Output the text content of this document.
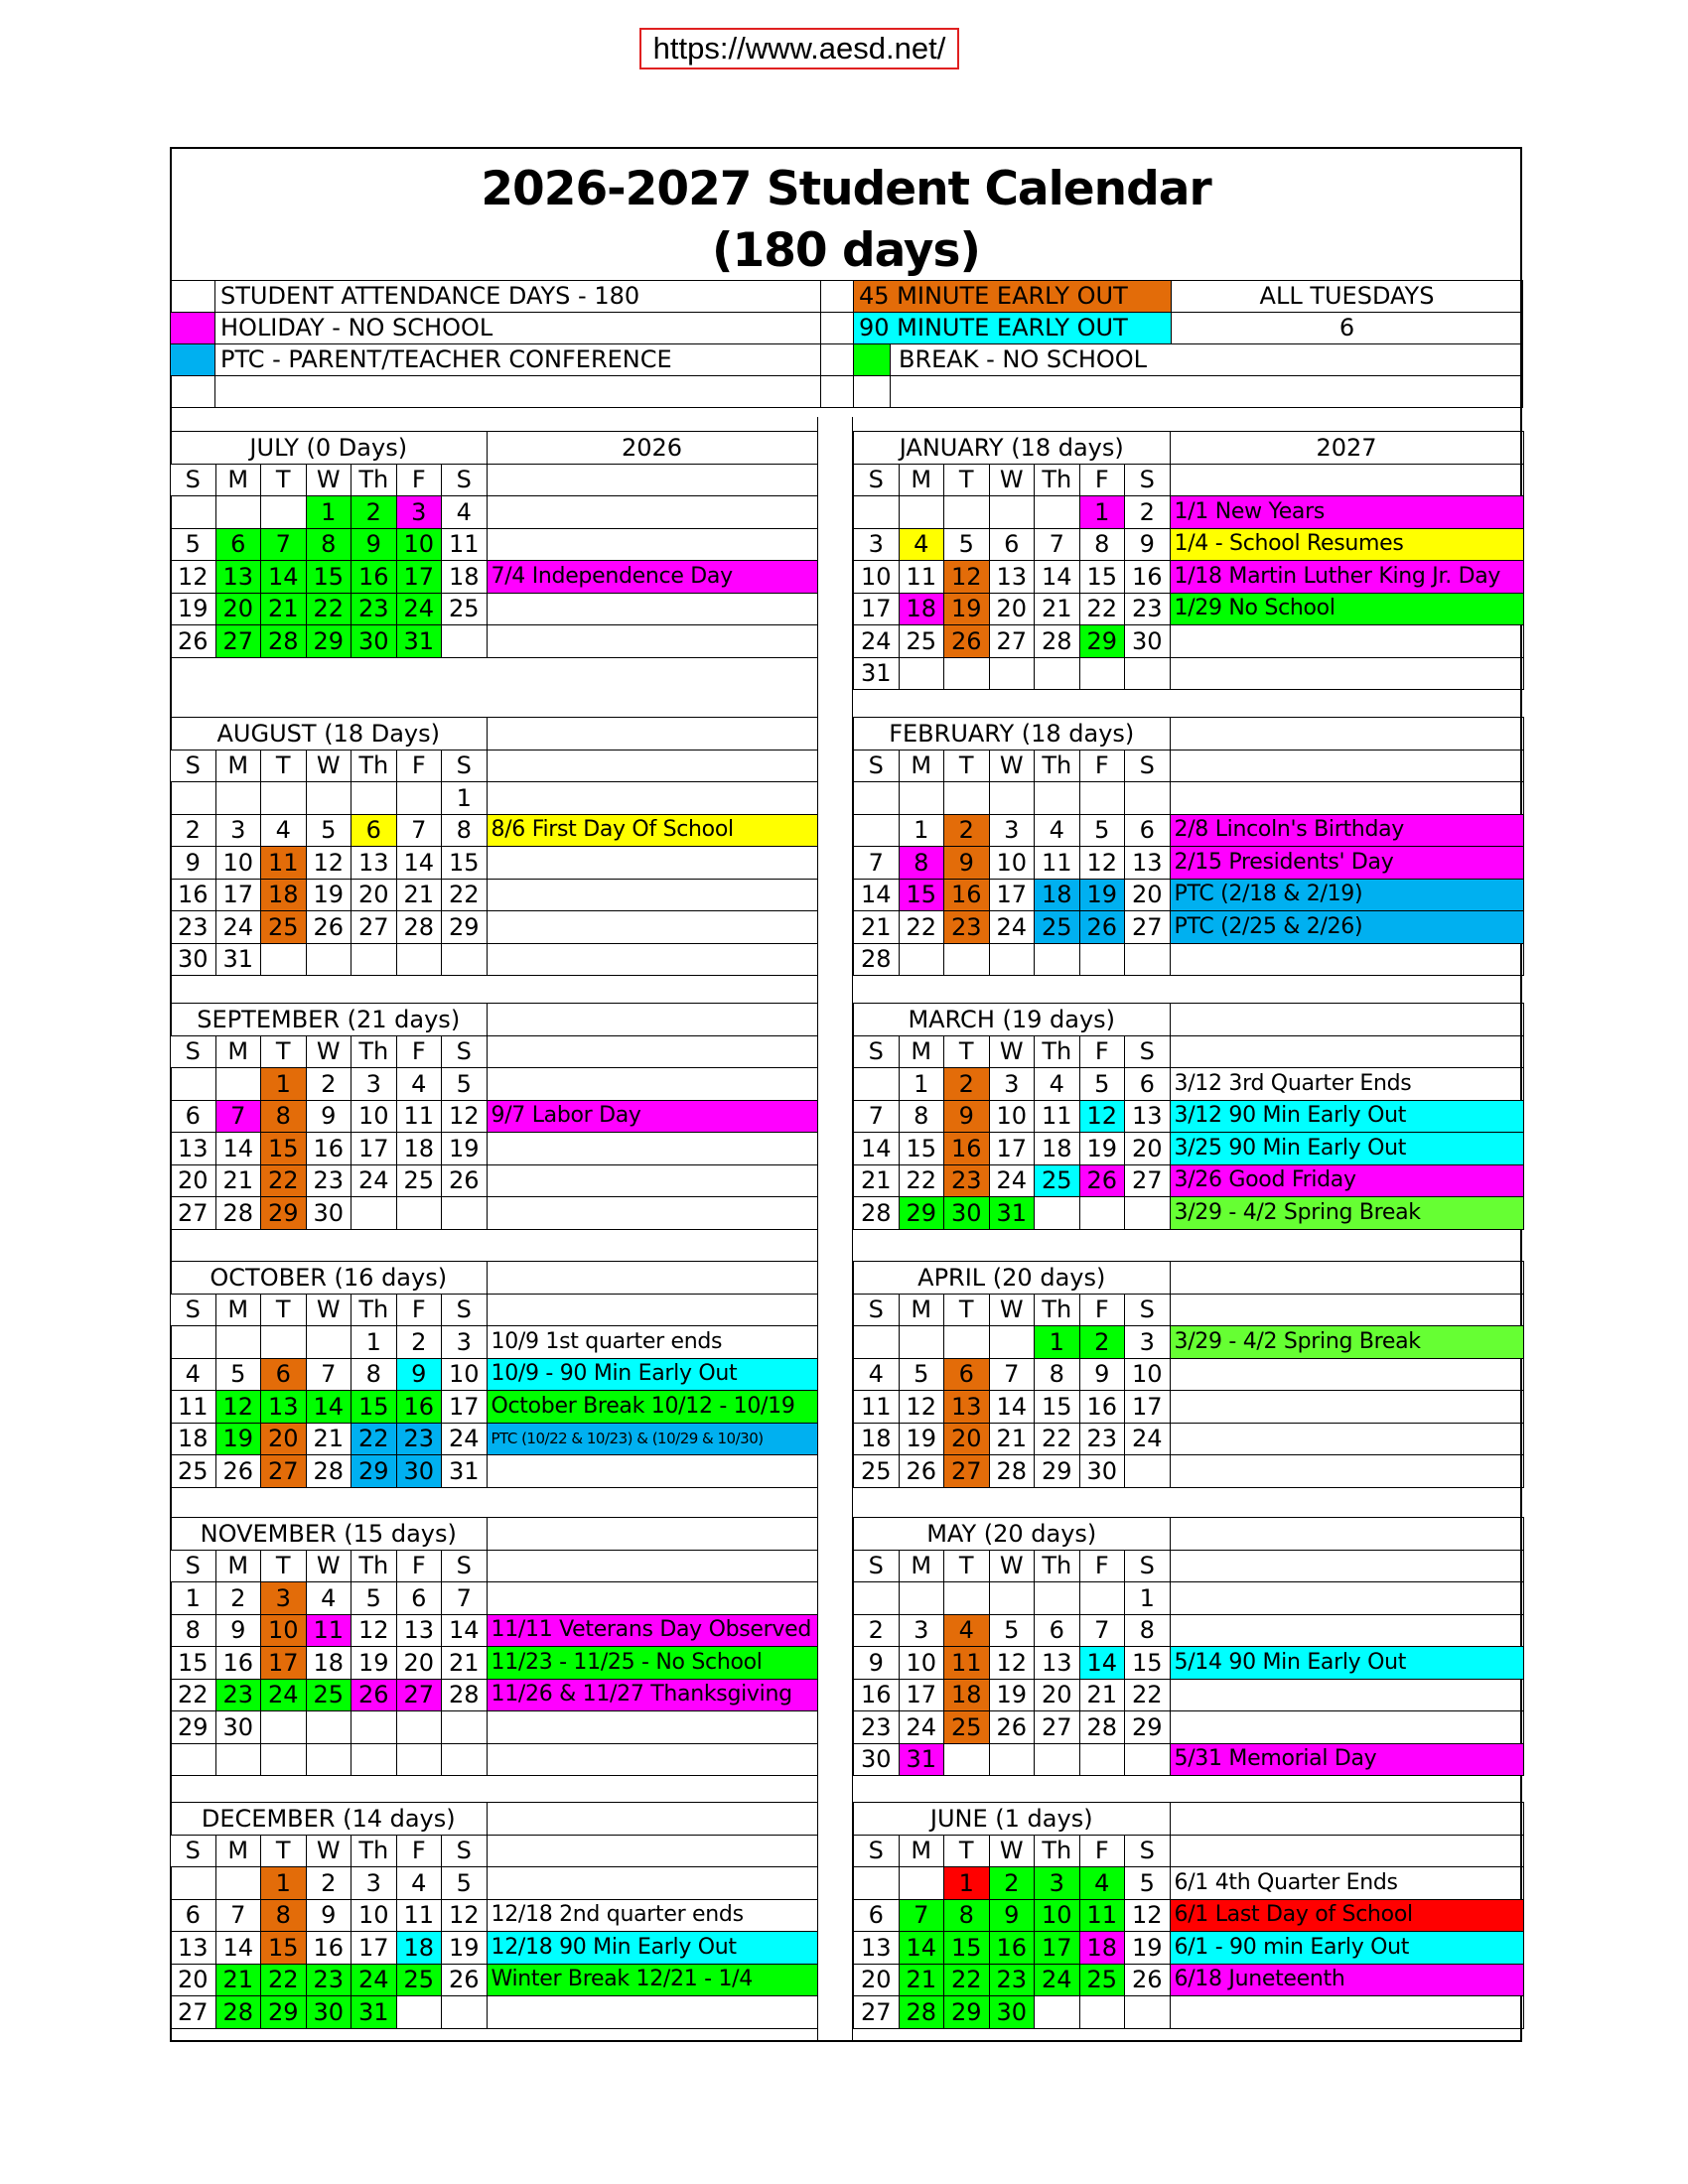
https://www.aesd.net/
2026-2027 Student Calendar
(180 days)
	STUDENT ATTENDANCE DAYS - 180		45 MINUTE EARLY OUT	ALL TUESDAYS
	HOLIDAY - NO SCHOOL		90 MINUTE EARLY OUT	6
	PTC - PARENT/TEACHER CONFERENCE		BREAK - NO SCHOOL	

JULY (0 Days)							2026
S	M	T	W	Th	F	S	
			1	2	3	4	
5	6	7	8	9	10	11	
12	13	14	15	16	17	18	7/4 Independence Day
19	20	21	22	23	24	25	
26	27	28	29	30	31		
JANUARY (18 days)							2027
S	M	T	W	Th	F	S	
					1	2	1/1 New Years
3	4	5	6	7	8	9	1/4 - School Resumes
10	11	12	13	14	15	16	1/18 Martin Luther King Jr. Day
17	18	19	20	21	22	23	1/29 No School
24	25	26	27	28	29	30	
31							
AUGUST (18 Days)							
S	M	T	W	Th	F	S	
						1	
2	3	4	5	6	7	8	8/6 First Day Of School
9	10	11	12	13	14	15	
16	17	18	19	20	21	22	
23	24	25	26	27	28	29	
30	31						
FEBRUARY (18 days)							
S	M	T	W	Th	F	S	

	1	2	3	4	5	6	2/8 Lincoln's Birthday
7	8	9	10	11	12	13	2/15 Presidents' Day
14	15	16	17	18	19	20	PTC (2/18 & 2/19)
21	22	23	24	25	26	27	PTC (2/25 & 2/26)
28							
SEPTEMBER (21 days)							
S	M	T	W	Th	F	S	
		1	2	3	4	5	
6	7	8	9	10	11	12	9/7 Labor Day
13	14	15	16	17	18	19	
20	21	22	23	24	25	26	
27	28	29	30				
MARCH (19 days)							
S	M	T	W	Th	F	S	
	1	2	3	4	5	6	3/12 3rd Quarter Ends
7	8	9	10	11	12	13	3/12 90 Min Early Out
14	15	16	17	18	19	20	3/25 90 Min Early Out
21	22	23	24	25	26	27	3/26 Good Friday
28	29	30	31				3/29 - 4/2 Spring Break
OCTOBER (16 days)							
S	M	T	W	Th	F	S	
				1	2	3	10/9 1st quarter ends
4	5	6	7	8	9	10	10/9 - 90 Min Early Out
11	12	13	14	15	16	17	October Break 10/12 - 10/19
18	19	20	21	22	23	24	PTC (10/22 & 10/23) & (10/29 & 10/30)
25	26	27	28	29	30	31	
APRIL (20 days)							
S	M	T	W	Th	F	S	
				1	2	3	3/29 - 4/2 Spring Break
4	5	6	7	8	9	10	
11	12	13	14	15	16	17	
18	19	20	21	22	23	24	
25	26	27	28	29	30		
NOVEMBER (15 days)							
S	M	T	W	Th	F	S	
1	2	3	4	5	6	7	
8	9	10	11	12	13	14	11/11 Veterans Day Observed
15	16	17	18	19	20	21	11/23 - 11/25 - No School
22	23	24	25	26	27	28	11/26 & 11/27 Thanksgiving
29	30						

MAY (20 days)							
S	M	T	W	Th	F	S	
						1	
2	3	4	5	6	7	8	
9	10	11	12	13	14	15	5/14 90 Min Early Out
16	17	18	19	20	21	22	
23	24	25	26	27	28	29	
30	31						5/31 Memorial Day
DECEMBER (14 days)							
S	M	T	W	Th	F	S	
		1	2	3	4	5	
6	7	8	9	10	11	12	12/18 2nd quarter ends
13	14	15	16	17	18	19	12/18 90 Min Early Out
20	21	22	23	24	25	26	Winter Break 12/21 - 1/4
27	28	29	30	31			
JUNE (1 days)							
S	M	T	W	Th	F	S	
		1	2	3	4	5	6/1 4th Quarter Ends
6	7	8	9	10	11	12	6/1 Last Day of School
13	14	15	16	17	18	19	6/1 - 90 min Early Out
20	21	22	23	24	25	26	6/18 Juneteenth
27	28	29	30				
